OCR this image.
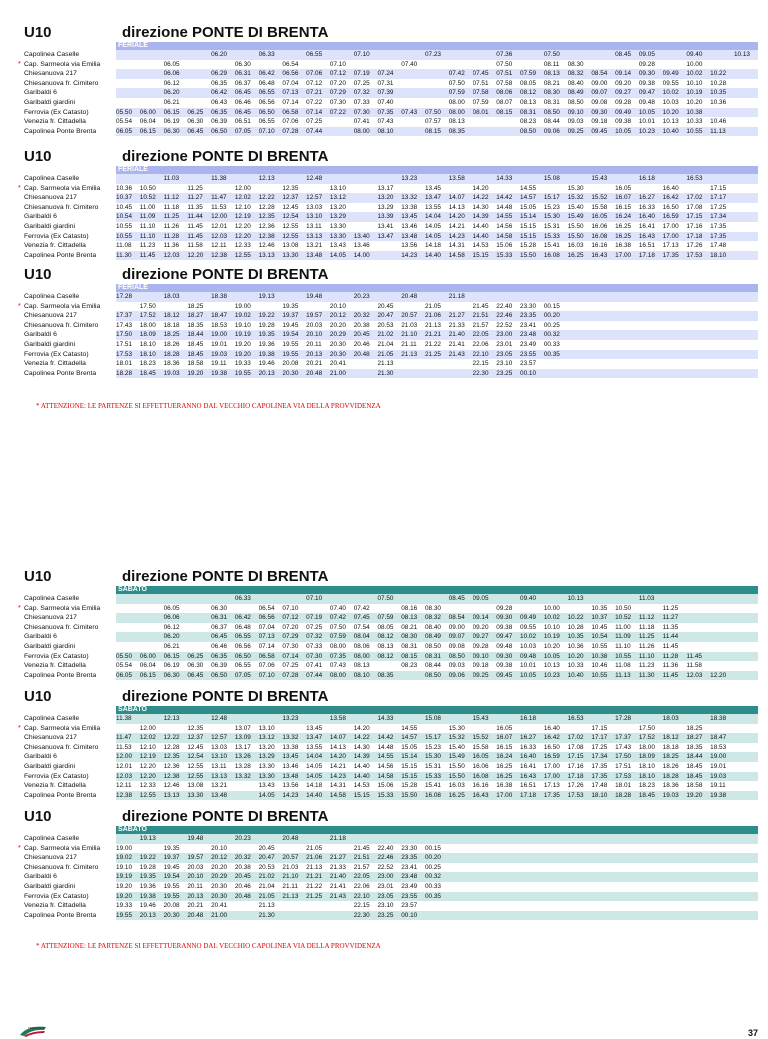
U10	direzione PONTE DI BRENTA
FERIALE
Capolinea Caselle					06.20		06.33		06.55		07.10			07.23			07.36		07.50			08.45	09.05		09.40		10.13
Cap. Sarmeola via Emilia			06.05			06.30		06.54		07.10			07.40				07.50		08.11	08.30			09.28		10.00		
Chiesanuova 217			06.06		06.29	06.31	06.42	06.56	07.06	07.12	07.19	07.24			07.42	07.45	07.51	07.59	08.13	08.32	08.54	09.14	09.30	09.49	10.02	10.22	
Chiesanuova fr. Cimitero			06.12		06.35	06.37	06.48	07.04	07.12	07.20	07.25	07.31			07.50	07.51	07.58	08.05	08.21	08.40	09.00	09.20	09.38	09.55	10.10	10.28	
Garibaldi 6			06.20		06.42	06.45	06.55	07.13	07.21	07.29	07.32	07.39			07.59	07.58	08.06	08.12	08.30	08.49	09.07	09.27	09.47	10.02	10.19	10.35	
Garibaldi giardini			06.21		06.43	06.46	06.56	07.14	07.22	07.30	07.33	07.40			08.00	07.59	08.07	08.13	08.31	08.50	09.08	09.28	09.48	10.03	10.20	10.36	
Ferrovia (Ex Catasto)	05.50	06.00	06.15	06.25	06.35	06.45	06.50	06.58	07.14	07.22	07.30	07.35	07.43	07.50	08.00	08.01	08.15	08.31	08.50	09.10	09.30	09.49	10.05	10.20	10.38		
Venezia fr. Cittadella	05.54	06.04	06.19	06.30	06.39	06.51	06.55	07.06	07.25		07.41	07.43		07.57	08.13			08.23	08.44	09.03	09.18	09.38	10.01	10.13	10.33	10.46	
Capolinea Ponte Brenta	06.05	06.15	06.30	06.45	06.50	07.05	07.10	07.28	07.44		08.00	08.10		08.15	08.35			08.50	09.06	09.25	09.45	10.05	10.23	10.40	10.55	11.13	
*
U10	direzione PONTE DI BRENTA
FERIALE
Capolinea Caselle			11.03		11.38		12.13		12.48				13.23		13.58		14.33		15.08		15.43		16.18		16.53		
Cap. Sarmeola via Emilia	10.36	10.50		11.25		12.00		12.35		13.10		13.17		13.45		14.20		14.55		15.30		16.05		16.40		17.15	
Chiesanuova 217	10.37	10.52	11.12	11.27	11.47	12.02	12.22	12.37	12.57	13.12		13.20	13.32	13.47	14.07	14.22	14.42	14.57	15.17	15.32	15.52	16.07	16.27	16.42	17.02	17.17	
Chiesanuova fr. Cimitero	10.45	11.00	11.18	11.35	11.53	12.10	12.28	12.45	13.03	13.20		13.29	13.38	13.55	14.13	14.30	14.48	15.05	15.23	15.40	15.58	16.15	16.33	16.50	17.08	17.25	
Garibaldi 6	10.54	11.09	11.25	11.44	12.00	12.19	12.35	12.54	13.10	13.29		13.39	13.45	14.04	14.20	14.39	14.55	15.14	15.30	15.49	16.05	16.24	16.40	16.59	17.15	17.34	
Garibaldi giardini	10.55	11.10	11.26	11.45	12.01	12.20	12.36	12.55	13.11	13.30		13.41	13.46	14.05	14.21	14.40	14.56	15.15	15.31	15.50	16.06	16.25	16.41	17.00	17.16	17.35	
Ferrovia (Ex Catasto)	10.55	11.10	11.28	11.45	12.03	12.20	12.38	12.55	13.13	13.30	13.40	13.47	13.48	14.05	14.23	14.40	14.58	15.15	15.33	15.50	16.08	16.25	16.43	17.00	17.18	17.35	
Venezia fr. Cittadella	11.08	11.23	11.36	11.58	12.11	12.33	12.46	13.08	13.21	13.43	13.46		13.56	14.18	14.31	14.53	15.06	15.28	15.41	16.03	16.16	16.38	16.51	17.13	17.26	17.48	
Capolinea Ponte Brenta	11.30	11.45	12.03	12.20	12.38	12.55	13.13	13.30	13.48	14.05	14.00		14.23	14.40	14.58	15.15	15.33	15.50	16.08	16.25	16.43	17.00	17.18	17.35	17.53	18.10	
*
U10	direzione PONTE DI BRENTA
FERIALE
Capolinea Caselle	17.28		18.03		18.38		19.13		19.48		20.23		20.48		21.18												
Cap. Sarmeola via Emilia		17.50		18.25		19.00		19.35		20.10		20.45		21.05		21.45	22.40	23.30	00.15								
Chiesanuova 217	17.37	17.52	18.12	18.27	18.47	19.02	19.22	19.37	19.57	20.12	20.32	20.47	20.57	21.06	21.27	21.51	22.46	23.35	00.20								
Chiesanuova fr. Cimitero	17.43	18.00	18.18	18.35	18.53	19.10	19.28	19.45	20.03	20.20	20.38	20.53	21.03	21.13	21.33	21.57	22.52	23.41	00.25								
Garibaldi 6	17.50	18.09	18.25	18.44	19.00	19.19	19.35	19.54	20.10	20.29	20.45	21.02	21.10	21.21	21.40	22.05	23.00	23.48	00.32								
Garibaldi giardini	17.51	18.10	18.26	18.45	19.01	19.20	19.36	19.55	20.11	20.30	20.46	21.04	21.11	21.22	21.41	22.06	23.01	23.49	00.33								
Ferrovia (Ex Catasto)	17.53	18.10	18.28	18.45	19.03	19.20	19.38	19.55	20.13	20.30	20.48	21.05	21.13	21.25	21.43	22.10	23.05	23.55	00.35								
Venezia fr. Cittadella	18.01	18.23	18.36	18.58	19.11	19.33	19.46	20.08	20.21	20.41		21.13				22.15	23.10	23.57									
Capolinea Ponte Brenta	18.28	18.45	19.03	19.20	19.38	19.55	20.13	20.30	20.48	21.00		21.30				22.30	23.25	00.10									
*
* ATTENZIONE: LE PARTENZE SI EFFETTUERANNO DAL VECCHIO CAPOLINEA VIA DELLA PROVVIDENZA
TRENITALIA	37
U10	direzione PONTE DI BRENTA
SABATO
Capolinea Caselle						06.33			07.10			07.50			08.45	09.05		09.40		10.13			11.03				
Cap. Sarmeola via Emilia			06.05		06.30		06.54	07.10		07.40	07.42		08.16	08.30			09.28		10.00		10.35	10.50		11.25			
Chiesanuova 217			06.06		06.31	06.42	06.56	07.12	07.19	07.42	07.45	07.59	08.13	08.32	08.54	09.14	09.30	09.49	10.02	10.22	10.37	10.52	11.12	11.27			
Chiesanuova fr. Cimitero			06.12		06.37	06.48	07.04	07.20	07.25	07.50	07.54	08.05	08.21	08.40	09.00	09.20	09.38	09.55	10.10	10.28	10.45	11.00	11.18	11.35			
Garibaldi 6			06.20		06.45	06.55	07.13	07.29	07.32	07.59	08.04	08.12	08.30	08.49	09.07	09.27	09.47	10.02	10.19	10.35	10.54	11.09	11.25	11.44			
Garibaldi giardini			06.21		06.46	06.56	07.14	07.30	07.33	08.00	08.06	08.13	08.31	08.50	09.08	09.28	09.48	10.03	10.20	10.36	10.55	11.10	11.26	11.45			
Ferrovia (Ex Catasto)	05.50	06.00	06.15	06.25	06.35	06.50	06.58	07.14	07.30	07.35	08.00	08.12	08.15	08.31	08.50	09.10	09.30	09.48	10.05	10.20	10.38	10.55	11.10	11.28	11.45		
Venezia fr. Cittadella	05.54	06.04	06.19	06.30	06.39	06.55	07.06	07.25	07.41	07.43	08.13		08.23	08.44	09.03	09.18	09.38	10.01	10.13	10.33	10.46	11.08	11.23	11.36	11.58		
Capolinea Ponte Brenta	06.05	06.15	06.30	06.45	06.50	07.05	07.10	07.28	07.44	08.00	08.10	08.35		08.50	09.06	09.25	09.45	10.05	10.23	10.40	10.55	11.13	11.30	11.45	12.03	12.20	
*
U10	direzione PONTE DI BRENTA
SABATO
Capolinea Caselle	11.38		12.13		12.48			13.23		13.58		14.33		15.08		15.43		16.18		16.53		17.28		18.03		18.38	
Cap. Sarmeola via Emilia		12.00		12.35		13.07	13.10		13.45		14.20		14.55		15.30		16.05		16.40		17.15		17.50		18.25		
Chiesanuova 217	11.47	12.02	12.22	12.37	12.57	13.09	13.12	13.32	13.47	14.07	14.22	14.42	14.57	15.17	15.32	15.52	16.07	16.27	16.42	17.02	17.17	17.37	17.52	18.12	18.27	18.47	
Chiesanuova fr. Cimitero	11.53	12.10	12.28	12.45	13.03	13.17	13.20	13.38	13.55	14.13	14.30	14.48	15.05	15.23	15.40	15.58	16.15	16.33	16.50	17.08	17.25	17.43	18.00	18.18	18.35	18.53	
Garibaldi 6	12.00	12.19	12.35	12.54	13.10	13.26	13.29	13.45	14.04	14.20	14.39	14.55	15.14	15.30	15.49	16.05	16.24	16.40	16.59	17.15	17.34	17.50	18.09	18.25	18.44	19.00	
Garibaldi giardini	12.01	12.20	12.36	12.55	13.11	13.28	13.30	13.46	14.05	14.21	14.40	14.56	15.15	15.31	15.50	16.06	16.25	16.41	17.00	17.16	17.35	17.51	18.10	18.26	18.45	19.01	
Ferrovia (Ex Catasto)	12.03	12.20	12.38	12.55	13.13	13.32	13.30	13.48	14.05	14.23	14.40	14.58	15.15	15.33	15.50	16.08	16.25	16.43	17.00	17.18	17.35	17.53	18.10	18.28	18.45	19.03	
Venezia fr. Cittadella	12.11	12.33	12.46	13.08	13.21		13.43	13.56	14.18	14.31	14.53	15.06	15.28	15.41	16.03	16.16	16.38	16.51	17.13	17.26	17.48	18.01	18.23	18.36	18.58	19.11	
Capolinea Ponte Brenta	12.38	12.55	13.13	13.30	13.48		14.05	14.23	14.40	14.58	15.15	15.33	15.50	16.08	16.25	16.43	17.00	17.18	17.35	17.53	18.10	18.28	18.45	19.03	19.20	19.38	
*
U10	direzione PONTE DI BRENTA
SABATO
Capolinea Caselle		19.13		19.48		20.23		20.48		21.18																	
Cap. Sarmeola via Emilia	19.00		19.35		20.10		20.45		21.05		21.45	22.40	23.30	00.15													
Chiesanuova 217	19.02	19.22	19.37	19.57	20.12	20.32	20.47	20.57	21.06	21.27	21.51	22.46	23.35	00.20													
Chiesanuova fr. Cimitero	19.10	19.28	19.45	20.03	20.20	20.38	20.53	21.03	21.13	21.33	21.57	22.52	23.41	00.25													
Garibaldi 6	19.19	19.35	19.54	20.10	20.29	20.45	21.02	21.10	21.21	21.40	22.05	23.00	23.48	00.32													
Garibaldi giardini	19.20	19.36	19.55	20.11	20.30	20.46	21.04	21.11	21.22	21.41	22.06	23.01	23.49	00.33													
Ferrovia (Ex Catasto)	19.20	19.38	19.55	20.13	20.30	20.48	21.05	21.13	21.25	21.43	22.10	23.05	23.55	00.35													
Venezia fr. Cittadella	19.33	19.46	20.08	20.21	20.41		21.13				22.15	23.10	23.57														
Capolinea Ponte Brenta	19.55	20.13	20.30	20.48	21.00		21.30				22.30	23.25	00.10														
*
* ATTENZIONE: LE PARTENZE SI EFFETTUERANNO DAL VECCHIO CAPOLINEA VIA DELLA PROVVIDENZA
